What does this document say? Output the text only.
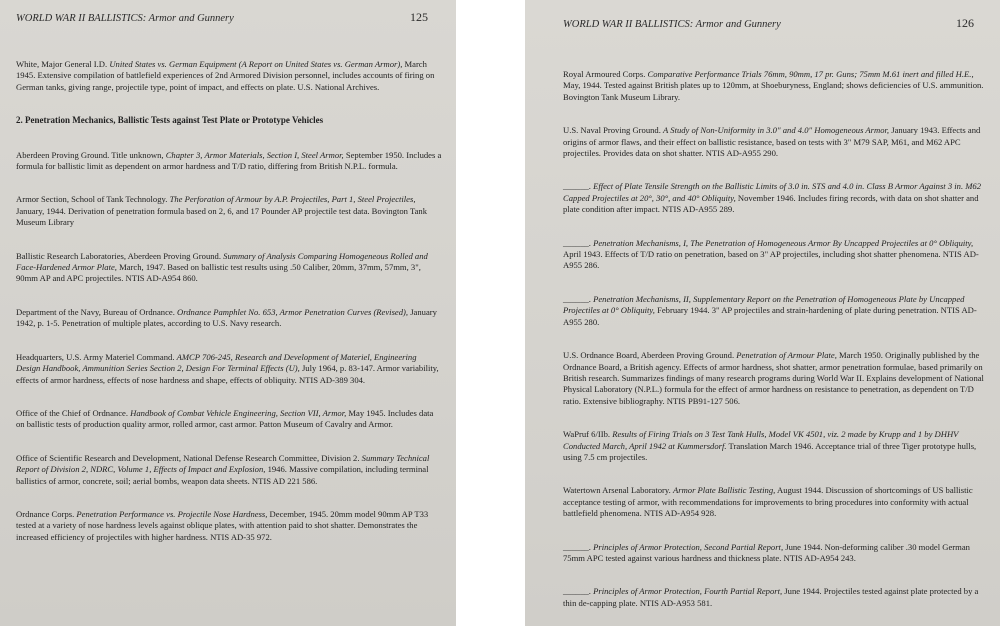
WORLD WAR II BALLISTICS: Armor and Gunnery	125

White, Major General I.D. United States vs. German Equipment (A Report on United States vs. German Armor), March 1945. Extensive compilation of battlefield experiences of 2nd Armored Division personnel, includes accounts of firing on German tanks, giving range, projectile type, point of impact, and effects on plate. U.S. National Archives.

2. Penetration Mechanics, Ballistic Tests against Test Plate or Prototype Vehicles

Aberdeen Proving Ground. Title unknown, Chapter 3, Armor Materials, Section I, Steel Armor, September 1950. Includes a formula for ballistic limit as dependent on armor hardness and T/D ratio, differing from British N.P.L. formula.

Armor Section, School of Tank Technology. The Perforation of Armour by A.P. Projectiles, Part 1, Steel Projectiles, January, 1944. Derivation of penetration formula based on 2, 6, and 17 Pounder AP projectile test data. Bovington Tank Museum Library

Ballistic Research Laboratories, Aberdeen Proving Ground. Summary of Analysis Comparing Homogeneous Rolled and Face-Hardened Armor Plate, March, 1947. Based on ballistic test results using .50 Caliber, 20mm, 37mm, 57mm, 3", 90mm AP and APC projectiles. NTIS AD-A954 860.

Department of the Navy, Bureau of Ordnance. Ordnance Pamphlet No. 653, Armor Penetration Curves (Revised), January 1942, p. 1-5. Penetration of multiple plates, according to U.S. Navy research.

Headquarters, U.S. Army Materiel Command. AMCP 706-245, Research and Development of Materiel, Engineering Design Handbook, Ammunition Series Section 2, Design For Terminal Effects (U), July 1964, p. 83-147. Armor variability, effects of armor hardness, effects of nose hardness and shape, effects of obliquity. NTIS AD-389 304.

Office of the Chief of Ordnance. Handbook of Combat Vehicle Engineering, Section VII, Armor, May 1945. Includes data on ballistic tests of production quality armor, rolled armor, cast armor. Patton Museum of Cavalry and Armor.

Office of Scientific Research and Development, National Defense Research Committee, Division 2. Summary Technical Report of Division 2, NDRC, Volume 1, Effects of Impact and Explosion, 1946. Massive compilation, including terminal ballistics of armor, concrete, soil; aerial bombs, weapon data sheets. NTIS AD 221 586.

Ordnance Corps. Penetration Performance vs. Projectile Nose Hardness, December, 1945. 20mm model 90mm AP T33 tested at a variety of nose hardness levels against oblique plates, with attention paid to shot shatter. Demonstrates the increased efficiency of projectiles with higher hardness. NTIS AD-35 972.

WORLD WAR II BALLISTICS: Armor and Gunnery	126

Royal Armoured Corps. Comparative Performance Trials 76mm, 90mm, 17 pr. Guns; 75mm M.61 inert and filled H.E., May, 1944. Tested against British plates up to 120mm, at Shoeburyness, England; shows deficiencies of U.S. ammunition. Bovington Tank Museum Library.

U.S. Naval Proving Ground. A Study of Non-Uniformity in 3.0" and 4.0" Homogeneous Armor, January 1943. Effects and origins of armor flaws, and their effect on ballistic resistance, based on tests with 3" M79 SAP, M61, and M62 APC projectiles. Provides data on shot shatter. NTIS AD-A955 290.

______. Effect of Plate Tensile Strength on the Ballistic Limits of 3.0 in. STS and 4.0 in. Class B Armor Against 3 in. M62 Capped Projectiles at 20°, 30°, and 40° Obliquity, November 1946. Includes firing records, with data on shot shatter and plate condition after impact. NTIS AD-A955 289.

______. Penetration Mechanisms, I, The Penetration of Homogeneous Armor By Uncapped Projectiles at 0° Obliquity, April 1943. Effects of T/D ratio on penetration, based on 3" AP projectiles, including shot shatter phenomena. NTIS AD-A955 286.

______. Penetration Mechanisms, II, Supplementary Report on the Penetration of Homogeneous Plate by Uncapped Projectiles at 0° Obliquity, February 1944. 3" AP projectiles and strain-hardening of plate during penetration. NTIS AD-A955 280.

U.S. Ordnance Board, Aberdeen Proving Ground. Penetration of Armour Plate, March 1950. Originally published by the Ordnance Board, a British agency. Effects of armor hardness, shot shatter, armor penetration formulae, based primarily on British research. Summarizes findings of many research programs during World War II. Explains development of National Physical Laboratory (N.P.L.) formula for the effect of armor hardness on resistance to penetration, as dependent on T/D ratio. Extensive bibliography. NTIS PB91-127 506.

WaPruf 6/IIb. Results of Firing Trials on 3 Test Tank Hulls, Model VK 4501, viz. 2 made by Krupp and 1 by DHHV Conducted March, April 1942 at Kummersdorf. Translation March 1946. Acceptance trial of three Tiger prototype hulls, using 7.5 cm projectiles.

Watertown Arsenal Laboratory. Armor Plate Ballistic Testing, August 1944. Discussion of shortcomings of US ballistic acceptance testing of armor, with recommendations for improvements to bring procedures into conformity with actual battlefield phenomena. NTIS AD-A954 928.

______. Principles of Armor Protection, Second Partial Report, June 1944. Non-deforming caliber .30 model German 75mm APC tested against various hardness and thickness plate. NTIS AD-A954 243.

______. Principles of Armor Protection, Fourth Partial Report, June 1944. Projectiles tested against plate protected by a thin de-capping plate. NTIS AD-A953 581.
